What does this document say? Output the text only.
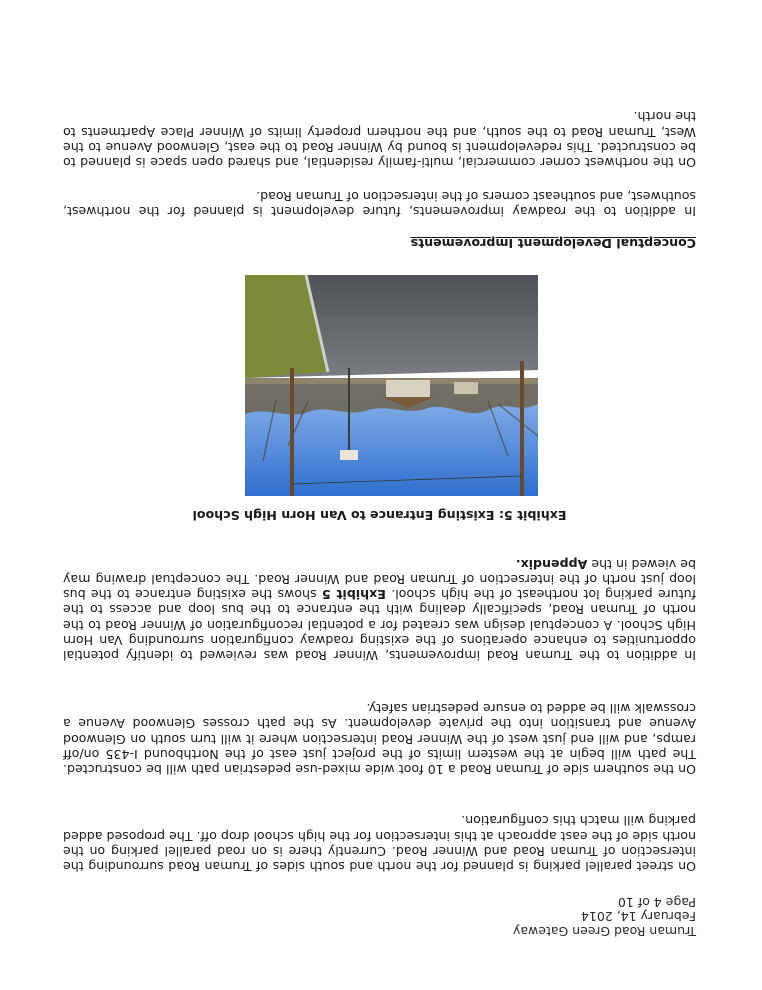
Truman Road Green Gateway
February 14, 2014
Page 4 of 10

On street parallel parking is planned for the north and south sides of Truman Road surrounding the intersection of Truman Road and Winner Road. Currently there is on road parallel parking on the north side of the east approach at this intersection for the high school drop off. The proposed added parking will match this configuration.

On the southern side of Truman Road a 10 foot wide mixed-use pedestrian path will be constructed. The path will begin at the western limits of the project just east of the Northbound I-435 on/off ramps, and will end just west of the Winner Road intersection where it will turn south on Glenwood Avenue and transition into the private development. As the path crosses Glenwood Avenue a crosswalk will be added to ensure pedestrian safety.

In addition to the Truman Road improvements, Winner Road was reviewed to identify potential opportunities to enhance operations of the existing roadway configuration surrounding Van Horn High School. A conceptual design was created for a potential reconfiguration of Winner Road to the north of Truman Road, specifically dealing with the entrance to the bus loop and access to the future parking lot northeast of the high school. Exhibit 5 shows the existing entrance to the bus loop just north of the intersection of Truman Road and Winner Road. The conceptual drawing may be viewed in the Appendix.

Exhibit 5: Existing Entrance to Van Horn High School
Conceptual Development Improvements

In addition to the roadway improvements, future development is planned for the northwest, southwest, and southeast corners of the intersection of Truman Road.

On the northwest corner commercial, multi-family residential, and shared open space is planned to be constructed. This redevelopment is bound by Winner Road to the east, Glenwood Avenue to the West, Truman Road to the south, and the northern property limits of Winner Place Apartments to the north.
